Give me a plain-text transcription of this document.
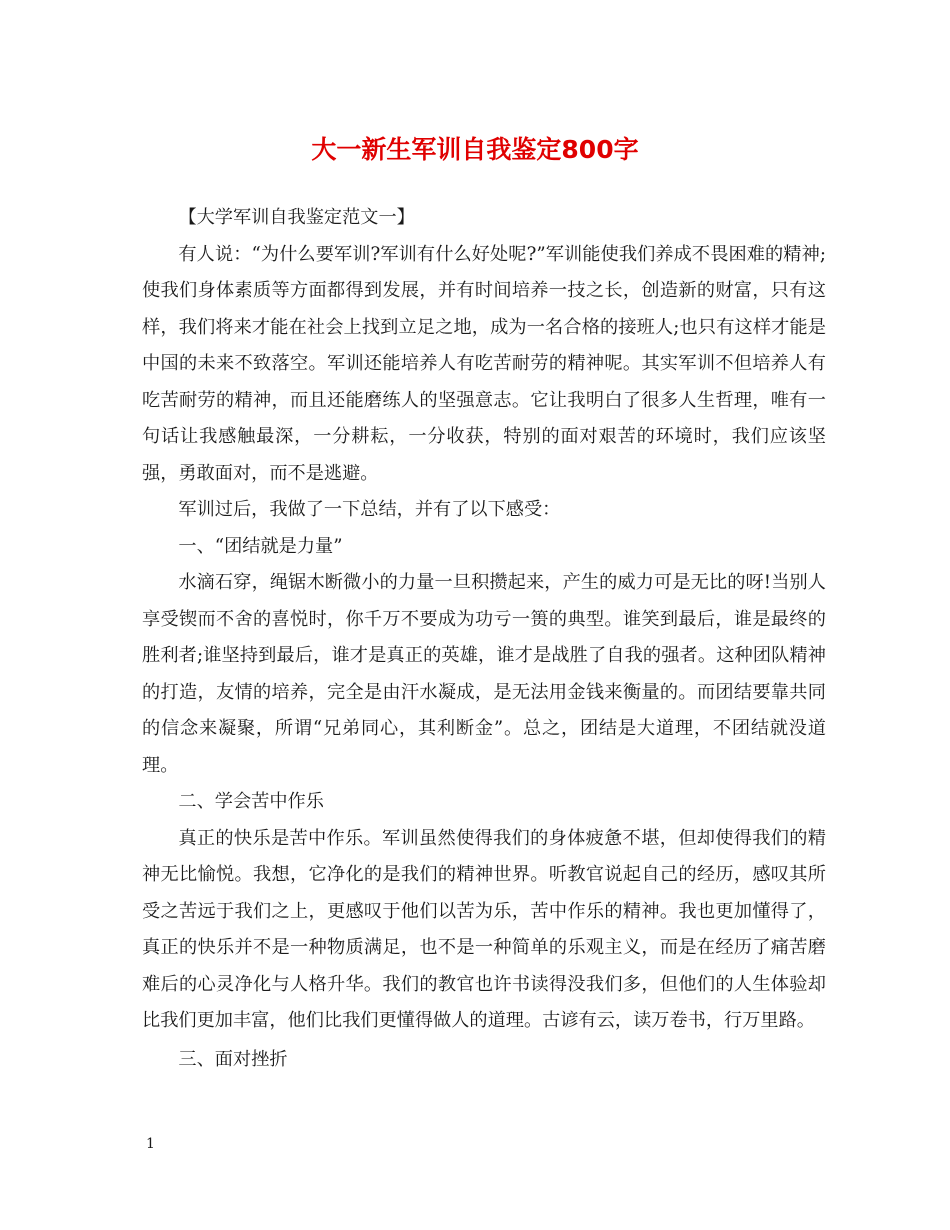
大一新生军训自我鉴定800字

【大学军训自我鉴定范文一】

有人说：“为什么要军训?军训有什么好处呢?”军训能使我们养成不畏困难的精神;使我们身体素质等方面都得到发展，并有时间培养一技之长，创造新的财富，只有这样，我们将来才能在社会上找到立足之地，成为一名合格的接班人;也只有这样才能是中国的未来不致落空。军训还能培养人有吃苦耐劳的精神呢。其实军训不但培养人有吃苦耐劳的精神，而且还能磨练人的坚强意志。它让我明白了很多人生哲理，唯有一句话让我感触最深，一分耕耘，一分收获，特别的面对艰苦的环境时，我们应该坚强，勇敢面对，而不是逃避。

军训过后，我做了一下总结，并有了以下感受：

一、“团结就是力量”

水滴石穿，绳锯木断微小的力量一旦积攒起来，产生的威力可是无比的呀!当别人享受锲而不舍的喜悦时，你千万不要成为功亏一篑的典型。谁笑到最后，谁是最终的胜利者;谁坚持到最后，谁才是真正的英雄，谁才是战胜了自我的强者。这种团队精神的打造，友情的培养，完全是由汗水凝成，是无法用金钱来衡量的。而团结要靠共同的信念来凝聚，所谓“兄弟同心，其利断金”。总之，团结是大道理，不团结就没道理。

二、学会苦中作乐

真正的快乐是苦中作乐。军训虽然使得我们的身体疲惫不堪，但却使得我们的精神无比愉悦。我想，它净化的是我们的精神世界。听教官说起自己的经历，感叹其所受之苦远于我们之上，更感叹于他们以苦为乐，苦中作乐的精神。我也更加懂得了，真正的快乐并不是一种物质满足，也不是一种简单的乐观主义，而是在经历了痛苦磨难后的心灵净化与人格升华。我们的教官也许书读得没我们多，但他们的人生体验却比我们更加丰富，他们比我们更懂得做人的道理。古谚有云，读万卷书，行万里路。

三、面对挫折

1
